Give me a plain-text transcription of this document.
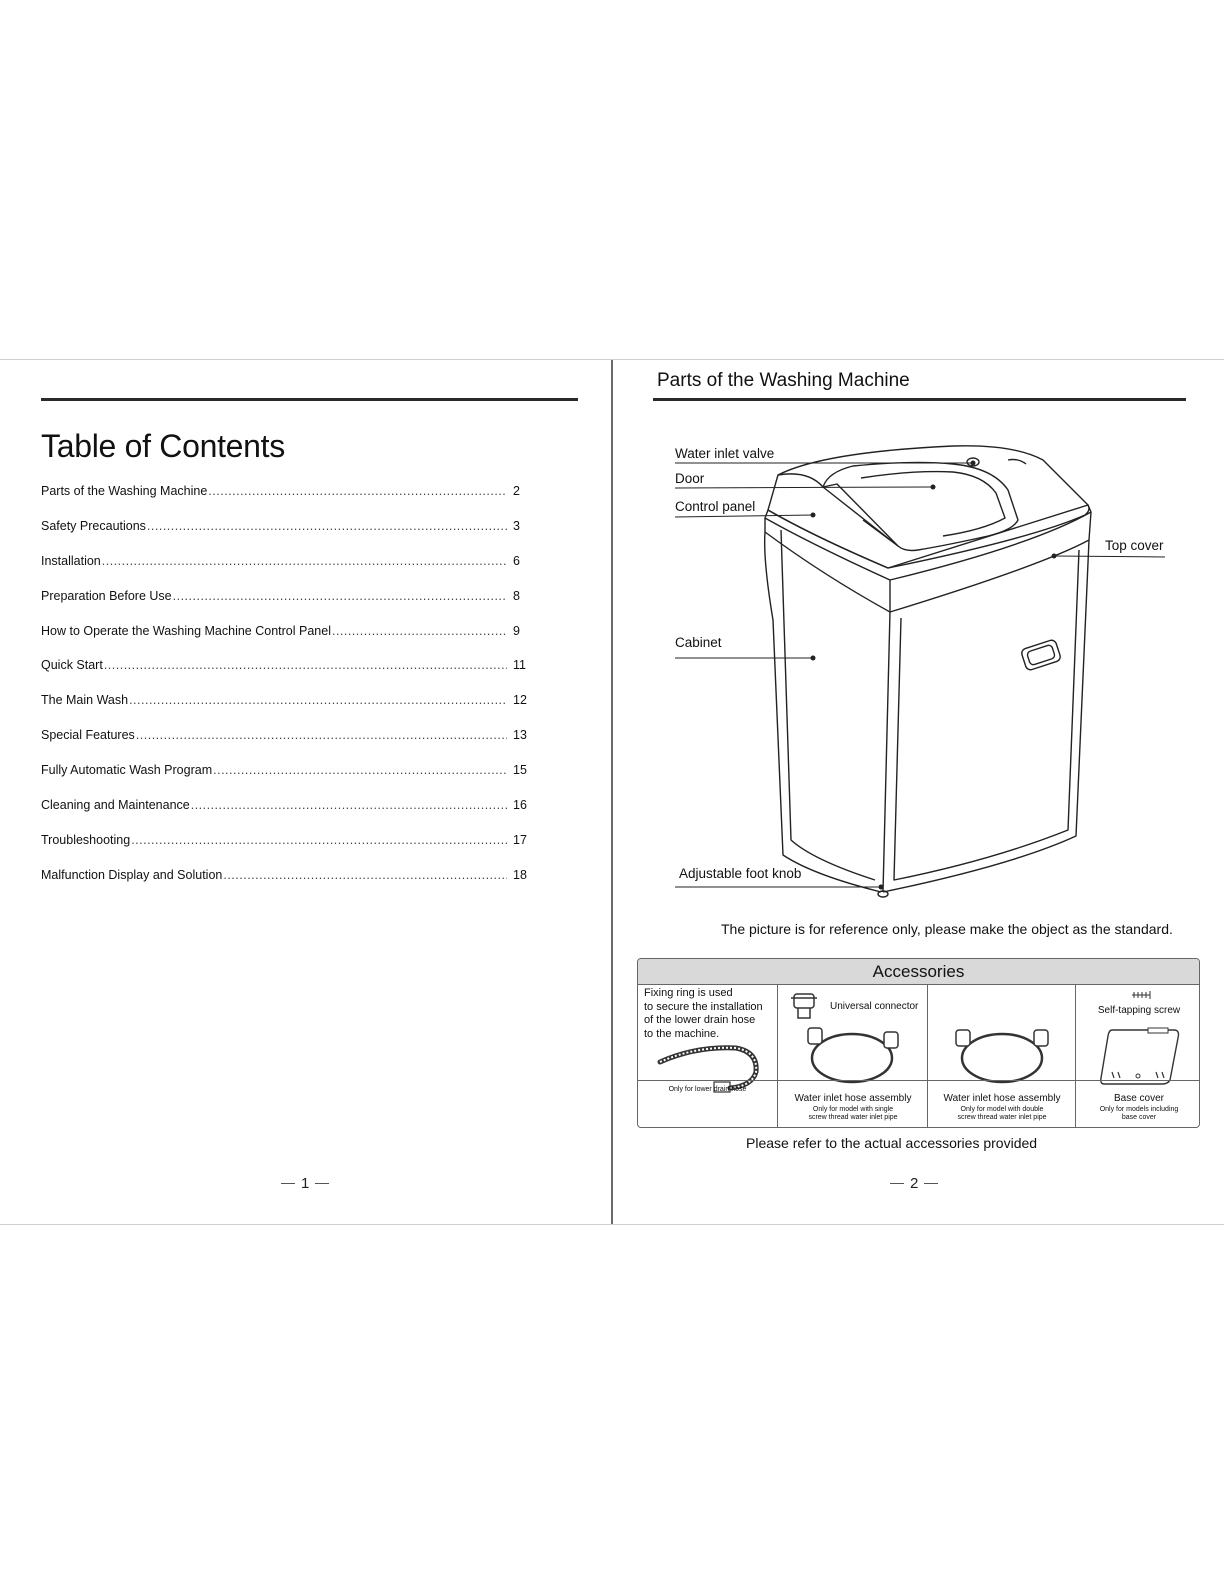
Table of Contents
Parts of the Washing Machine .....	2
Safety Precautions .....	3
Installation .....	6
Preparation Before Use .....	8
How to Operate the Washing Machine Control Panel .....	9
Quick Start .....	11
The Main Wash .....	12
Special Features .....	13
Fully Automatic Wash Program .....	15
Cleaning and Maintenance .....	16
Troubleshooting .....	17
Malfunction Display and Solution .....	18
1
Parts of the Washing Machine
Water inlet valve
Door
Control panel
Top cover
Cabinet
Adjustable foot knob
The picture is for reference only, please make the object as the standard.
Accessories
Fixing ring is used
to secure the installation
of the lower drain hose
to the machine.
Only for lower drain hose
Universal connector
Water inlet hose assembly
Only for model with single
screw thread water inlet pipe
Water inlet hose assembly
Only for model with double
screw thread water inlet pipe
Self-tapping screw
Base cover
Only for models including
base cover
Please refer to the actual accessories provided
2
